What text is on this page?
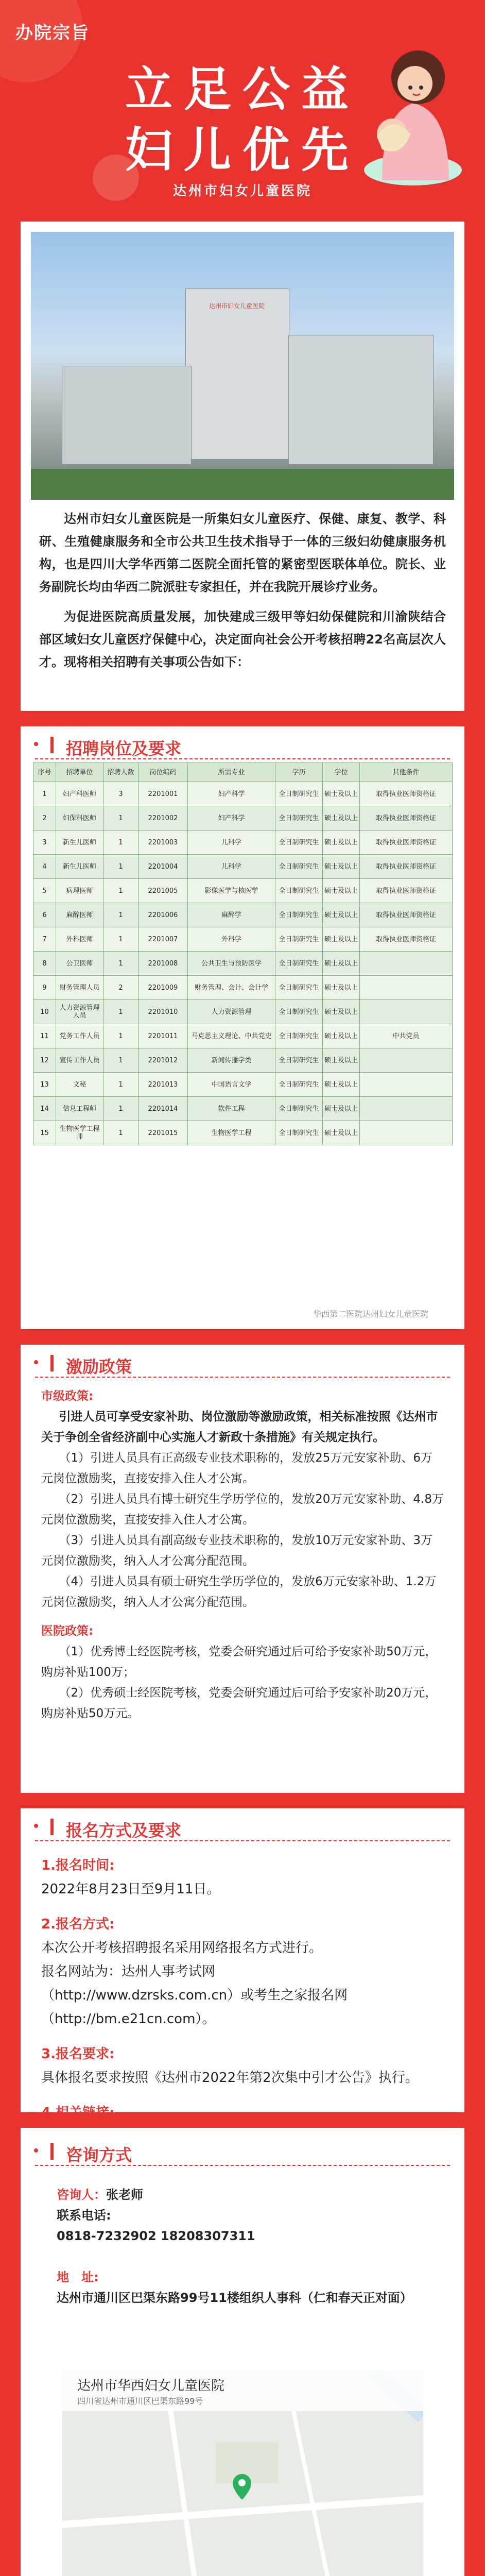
办院宗旨
立足公益
妇儿优先
达州市妇女儿童医院
达州市妇女儿童医院

达州市妇女儿童医院是一所集妇女儿童医疗、保健、康复、教学、科研、生殖健康服务和全市公共卫生技术指导于一体的三级妇幼健康服务机构，也是四川大学华西第二医院全面托管的紧密型医联体单位。院长、业务副院长均由华西二院派驻专家担任，并在我院开展诊疗业务。

为促进医院高质量发展，加快建成三级甲等妇幼保健院和川渝陕结合部区域妇女儿童医疗保健中心，决定面向社会公开考核招聘22名高层次人才。现将相关招聘有关事项公告如下：

招聘岗位及要求
序号	招聘单位	招聘人数	岗位编码	所需专业	学历	学位	其他条件
1	妇产科医师	3	2201001	妇产科学	全日制研究生	硕士及以上	取得执业医师资格证
2	妇保科医师	1	2201002	妇产科学	全日制研究生	硕士及以上	取得执业医师资格证
3	新生儿医师	1	2201003	儿科学	全日制研究生	硕士及以上	取得执业医师资格证
4	新生儿医师	1	2201004	儿科学	全日制研究生	硕士及以上	取得执业医师资格证
5	病理医师	1	2201005	影像医学与核医学	全日制研究生	硕士及以上	取得执业医师资格证
6	麻醉医师	1	2201006	麻醉学	全日制研究生	硕士及以上	取得执业医师资格证
7	外科医师	1	2201007	外科学	全日制研究生	硕士及以上	取得执业医师资格证
8	公卫医师	1	2201008	公共卫生与预防医学	全日制研究生	硕士及以上	
9	财务管理人员	2	2201009	财务管理、会计、会计学	全日制研究生	硕士及以上	
10	人力资源管理人员	1	2201010	人力资源管理	全日制研究生	硕士及以上	
11	党务工作人员	1	2201011	马克思主义理论、中共党史	全日制研究生	硕士及以上	中共党员
12	宣传工作人员	1	2201012	新闻传播学类	全日制研究生	硕士及以上	
13	文秘	1	2201013	中国语言文学	全日制研究生	硕士及以上	
14	信息工程师	1	2201014	软件工程	全日制研究生	硕士及以上	
15	生物医学工程师	1	2201015	生物医学工程	全日制研究生	硕士及以上	
华西第二医院达州妇女儿童医院
激励政策

市级政策:

引进人员可享受安家补助、岗位激励等激励政策，相关标准按照《达州市关于争创全省经济副中心实施人才新政十条措施》有关规定执行。

（1）引进人员具有正高级专业技术职称的，发放25万元安家补助、6万元岗位激励奖，直接安排入住人才公寓。

（2）引进人员具有博士研究生学历学位的，发放20万元安家补助、4.8万元岗位激励奖，直接安排入住人才公寓。

（3）引进人员具有副高级专业技术职称的，发放10万元安家补助、3万元岗位激励奖，纳入人才公寓分配范围。

（4）引进人员具有硕士研究生学历学位的，发放6万元安家补助、1.2万元岗位激励奖，纳入人才公寓分配范围。

医院政策:

（1）优秀博士经医院考核，党委会研究通过后可给予安家补助50万元，购房补贴100万；

（2）优秀硕士经医院考核，党委会研究通过后可给予安家补助20万元，购房补贴50万元。

报名方式及要求

1.报名时间:

2022年8月23日至9月11日。

2.报名方式:

本次公开考核招聘报名采用网络报名方式进行。

报名网站为：达州人事考试网

（http://www.dzrsks.com.cn）或考生之家报名网

（http://bm.e21cn.com）。

3.报名要求:

具体报名要求按照《达州市2022年第2次集中引才公告》执行。

4.相关链接:

咨询方式

咨询人：张老师

联系电话:

0818-7232902 18208307311

地　址:

达州市通川区巴渠东路99号11楼组织人事科（仁和春天正对面）

达州市华西妇女儿童医院
四川省达州市通川区巴渠东路99号
